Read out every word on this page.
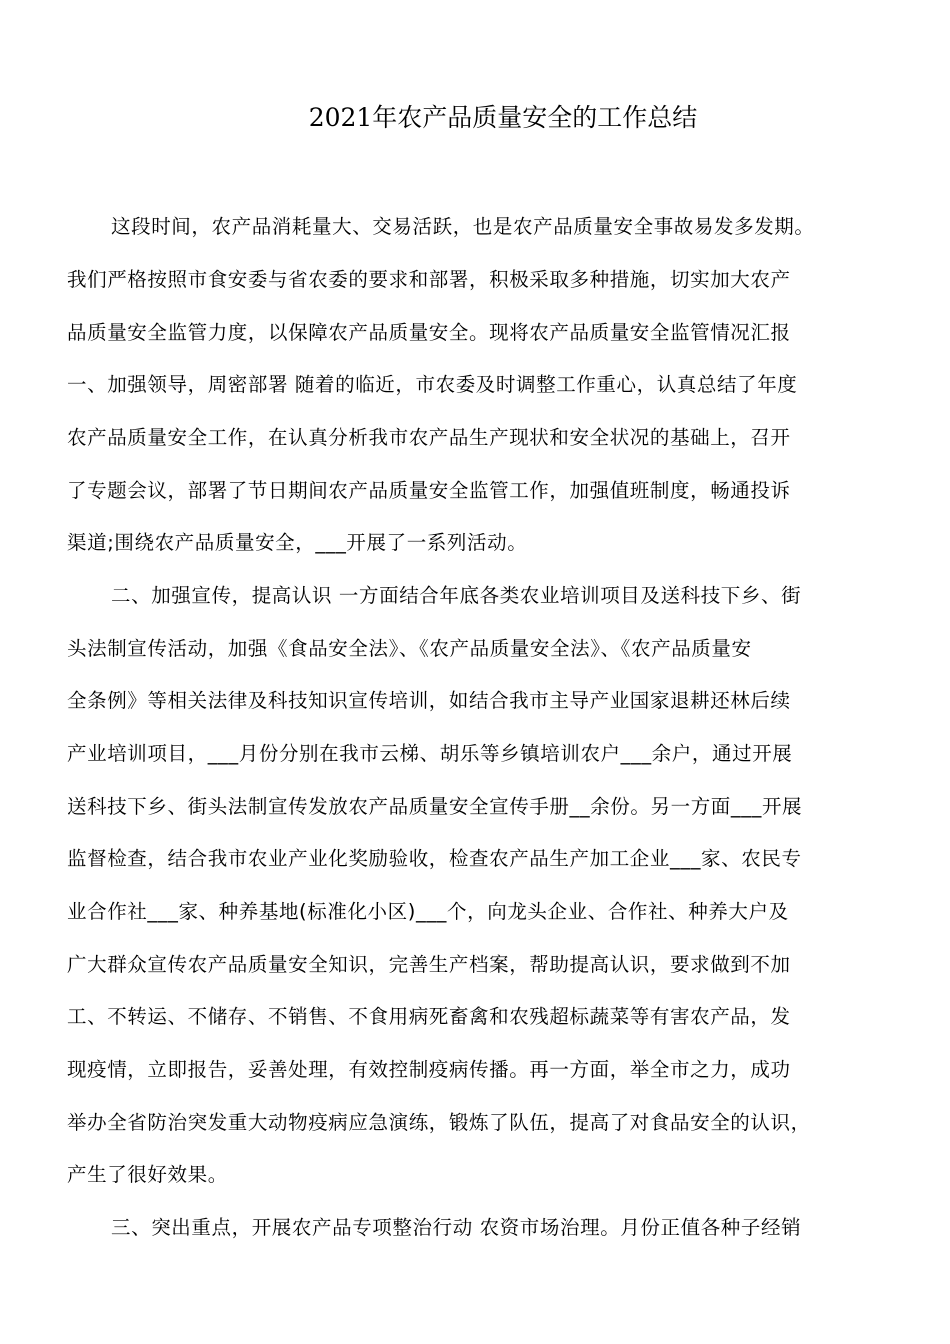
2021年农产品质量安全的工作总结
这段时间，农产品消耗量大、交易活跃，也是农产品质量安全事故易发多发期。
我们严格按照市食安委与省农委的要求和部署，积极采取多种措施，切实加大农产
品质量安全监管力度，以保障农产品质量安全。现将农产品质量安全监管情况汇报
一、加强领导，周密部署 随着的临近，市农委及时调整工作重心，认真总结了年度
农产品质量安全工作，在认真分析我市农产品生产现状和安全状况的基础上，召开
了专题会议，部署了节日期间农产品质量安全监管工作，加强值班制度，畅通投诉
渠道;围绕农产品质量安全，___开展了一系列活动。
二、加强宣传，提高认识 一方面结合年底各类农业培训项目及送科技下乡、街
头法制宣传活动，加强《食品安全法》、《农产品质量安全法》、《农产品质量安
全条例》等相关法律及科技知识宣传培训，如结合我市主导产业国家退耕还林后续
产业培训项目，___月份分别在我市云梯、胡乐等乡镇培训农户___余户，通过开展
送科技下乡、街头法制宣传发放农产品质量安全宣传手册__余份。另一方面___开展
监督检查，结合我市农业产业化奖励验收，检查农产品生产加工企业___家、农民专
业合作社___家、种养基地(标准化小区)___个，向龙头企业、合作社、种养大户及
广大群众宣传农产品质量安全知识，完善生产档案，帮助提高认识，要求做到不加
工、不转运、不储存、不销售、不食用病死畜禽和农残超标蔬菜等有害农产品，发
现疫情，立即报告，妥善处理，有效控制疫病传播。再一方面，举全市之力，成功
举办全省防治突发重大动物疫病应急演练，锻炼了队伍，提高了对食品安全的认识，
产生了很好效果。
三、突出重点，开展农产品专项整治行动 农资市场治理。月份正值各种子经销
